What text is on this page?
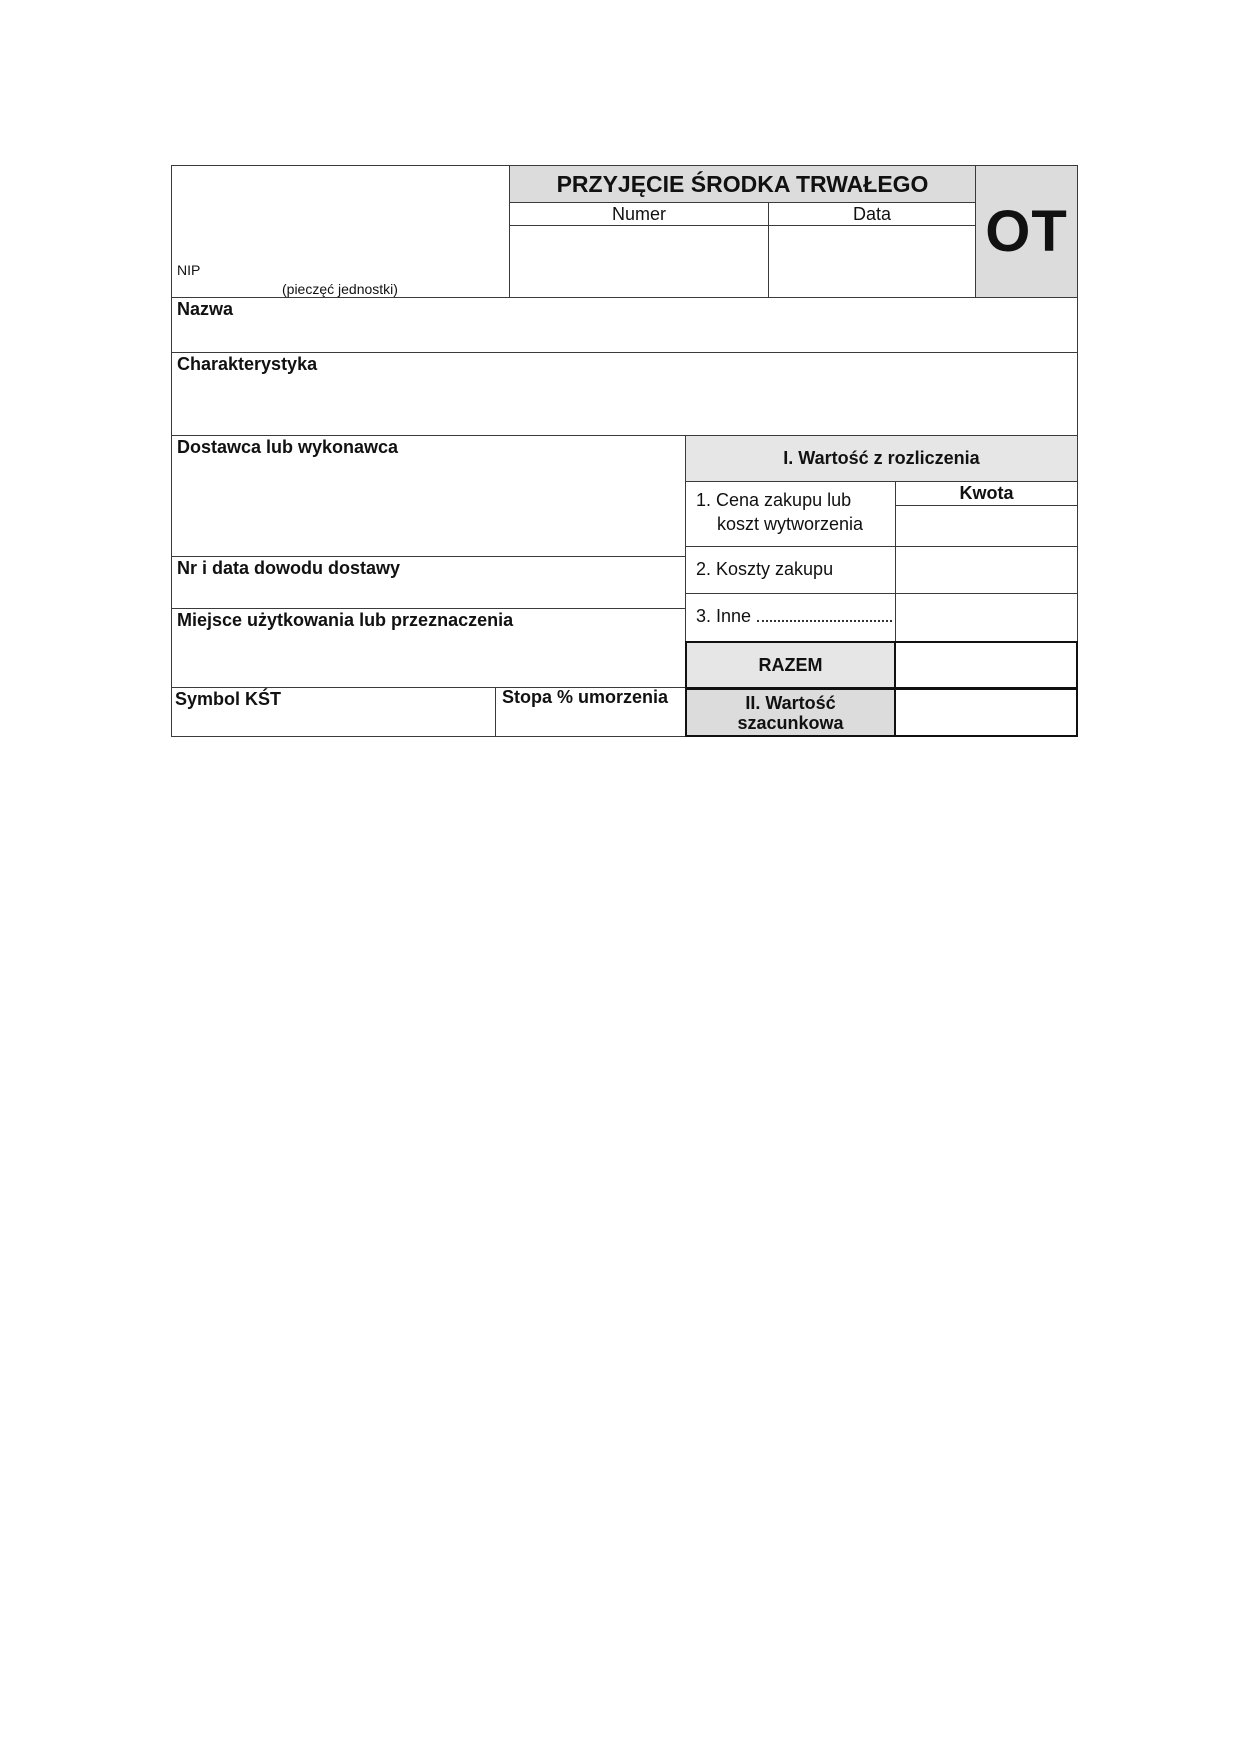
NIP
(pieczęć jednostki)
PRZYJĘCIE ŚRODKA TRWAŁEGO
Numer	Data OT
Nazwa
Charakterystyka
Dostawca lub wykonawca
Nr i data dowodu dostawy
Miejsce użytkowania lub przeznaczenia
Symbol KŚT	Stopa % umorzenia
I. Wartość z rozliczenia
1. Cena zakupu lub
koszt wytworzenia
Kwota
2. Koszty zakupu
3. Inne
RAZEM
II. Wartość
szacunkowa
